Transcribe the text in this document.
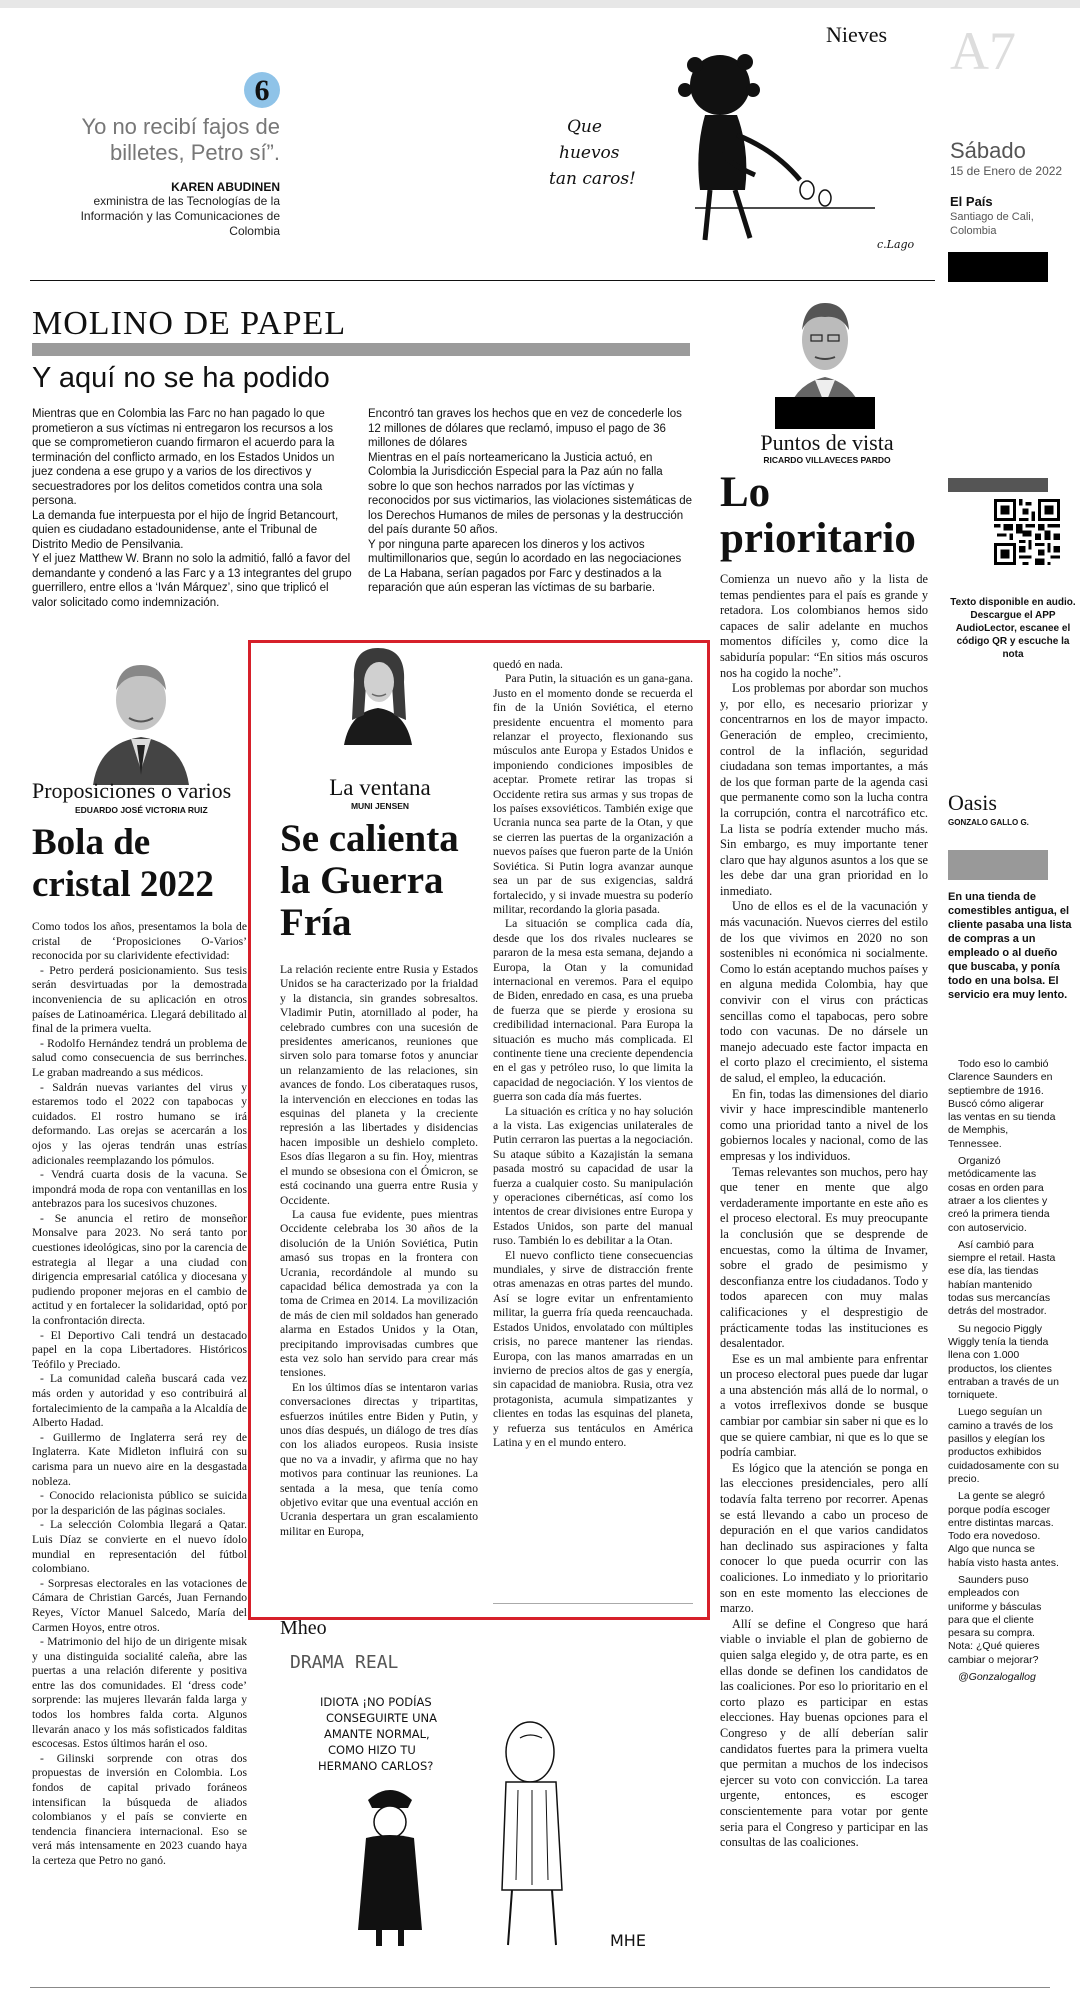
6
Yo no recibí fajos de billetes, Petro sí”.
KAREN ABUDINEN
exministra de las Tecnologías de la Información y las Comunicaciones de Colombia
Nieves
Que
huevos
tan caros!
c.Lago
A7
Sábado
15 de Enero de 2022
El País
Santiago de Cali, Colombia
MOLINO DE PAPEL
Y aquí no se ha podido

Mientras que en Colombia las Farc no han pagado lo que prometieron a sus víctimas ni entregaron los recursos a los que se comprometieron cuando firmaron el acuerdo para la terminación del conflicto armado, en los Estados Unidos un juez condena a ese grupo y a varios de los directivos y secuestradores por los delitos cometidos contra una sola persona.

La demanda fue interpuesta por el hijo de Íngrid Betancourt, quien es ciudadano estadounidense, ante el Tribunal de Distrito Medio de Pensilvania.

Y el juez Matthew W. Brann no solo la admitió, falló a favor del demandante y condenó a las Farc y a 13 integrantes del grupo guerrillero, entre ellos a ‘Iván Márquez’, sino que triplicó el valor solicitado como indemnización.

Encontró tan graves los hechos que en vez de concederle los 12 millones de dólares que reclamó, impuso el pago de 36 millones de dólares

Mientras en el país norteamericano la Justicia actuó, en Colombia la Jurisdicción Especial para la Paz aún no falla sobre lo que son hechos narrados por las víctimas y reconocidos por sus victimarios, las violaciones sistemáticas de los Derechos Humanos de miles de personas y la destrucción del país durante 50 años.

Y por ninguna parte aparecen los dineros y los activos multimillonarios que, según lo acordado en las negociaciones de La Habana, serían pagados por Farc y destinados a la reparación que aún esperan las víctimas de su barbarie.

Puntos de vista
RICARDO VILLAVECES PARDO
Lo prioritario

Comienza un nuevo año y la lista de temas pendientes para el país es grande y retadora. Los colombianos hemos sido capaces de salir adelante en muchos momentos difíciles y, como dice la sabiduría popular: “En sitios más oscuros nos ha cogido la noche”.

Los problemas por abordar son muchos y, por ello, es necesario priorizar y concentrarnos en los de mayor impacto. Generación de empleo, crecimiento, control de la inflación, seguridad ciudadana son temas importantes, a más de los que forman parte de la agenda casi que permanente como son la lucha contra la corrupción, contra el narcotráfico etc. La lista se podría extender mucho más. Sin embargo, es muy importante tener claro que hay algunos asuntos a los que se les debe dar una gran prioridad en lo inmediato.

Uno de ellos es el de la vacunación y más vacunación. Nuevos cierres del estilo de los que vivimos en 2020 no son sostenibles ni económica ni socialmente. Como lo están aceptando muchos países y en alguna medida Colombia, hay que convivir con el virus con prácticas sencillas como el tapabocas, pero sobre todo con vacunas. De no dársele un manejo adecuado este factor impacta en el corto plazo el crecimiento, el sistema de salud, el empleo, la educación.

En fin, todas las dimensiones del diario vivir y hace imprescindible mantenerlo como una prioridad tanto a nivel de los gobiernos locales y nacional, como de las empresas y los individuos.

Temas relevantes son muchos, pero hay que tener en mente que algo verdaderamente importante en este año es el proceso electoral. Es muy preocupante la conclusión que se desprende de encuestas, como la última de Invamer, sobre el grado de pesimismo y desconfianza entre los ciudadanos. Todo y todos aparecen con muy malas calificaciones y el desprestigio de prácticamente todas las instituciones es desalentador.

Ese es un mal ambiente para enfrentar un proceso electoral pues puede dar lugar a una abstención más allá de lo normal, o a votos irreflexivos donde se busque cambiar por cambiar sin saber ni que es lo que se quiere cambiar, ni que es lo que se podría cambiar.

Es lógico que la atención se ponga en las elecciones presidenciales, pero allí todavía falta terreno por recorrer. Apenas se está llevando a cabo un proceso de depuración en el que varios candidatos han declinado sus aspiraciones y falta conocer lo que pueda ocurrir con las coaliciones. Lo inmediato y lo prioritario son en este momento las elecciones de marzo.

Allí se define el Congreso que hará viable o inviable el plan de gobierno de quien salga elegido y, de otra parte, es en ellas donde se definen los candidatos de las coaliciones. Por eso lo prioritario en el corto plazo es participar en estas elecciones. Hay buenas opciones para el Congreso y de allí deberían salir candidatos fuertes para la primera vuelta que permitan a muchos de los indecisos ejercer su voto con convicción. La tarea urgente, entonces, es escoger conscientemente para votar por gente seria para el Congreso y participar en las consultas de las coaliciones.

Texto disponible en audio. Descargue el APP AudioLector, escanee el código QR y escuche la nota
Oasis
GONZALO GALLO G.
En una tienda de comestibles antigua, el cliente pasaba una lista de compras a un empleado o al dueño que buscaba, y ponía todo en una bolsa. El servicio era muy lento.

Todo eso lo cambió Clarence Saunders en septiembre de 1916. Buscó cómo aligerar las ventas en su tienda de Memphis, Tennessee.

Organizó metódicamente las cosas en orden para atraer a los clientes y creó la primera tienda con autoservicio.

Así cambió para siempre el retail. Hasta ese día, las tiendas habían mantenido todas sus mercancías detrás del mostrador.

Su negocio Piggly Wiggly tenía la tienda llena con 1.000 productos, los clientes entraban a través de un torniquete.

Luego seguían un camino a través de los pasillos y elegían los productos exhibidos cuidadosamente con su precio.

La gente se alegró porque podía escoger entre distintas marcas. Todo era novedoso. Algo que nunca se había visto hasta antes.

Saunders puso empleados con uniforme y básculas para que el cliente pesara su compra. Nota: ¿Qué quieres cambiar o mejorar?

@Gonzalogallog

Proposiciones o varios
EDUARDO JOSÉ VICTORIA RUIZ
Bola de cristal 2022

Como todos los años, presentamos la bola de cristal de ‘Proposiciones O-Varios’ reconocida por su clarividente efectividad:

- Petro perderá posicionamiento. Sus tesis serán desvirtuadas por la demostrada inconveniencia de su aplicación en otros países de Latinoamérica. Llegará debilitado al final de la primera vuelta.

- Rodolfo Hernández tendrá un problema de salud como consecuencia de sus berrinches. Le graban madreando a sus médicos.

- Saldrán nuevas variantes del virus y estaremos todo el 2022 con tapabocas y cuidados. El rostro humano se irá deformando. Las orejas se acercarán a los ojos y las ojeras tendrán unas estrías adicionales reemplazando los pómulos.

- Vendrá cuarta dosis de la vacuna. Se impondrá moda de ropa con ventanillas en los antebrazos para los sucesivos chuzones.

- Se anuncia el retiro de monseñor Monsalve para 2023. No será tanto por cuestiones ideológicas, sino por la carencia de estrategia al llegar a una ciudad con dirigencia empresarial católica y diocesana y pudiendo proponer mejoras en el cambio de actitud y en fortalecer la solidaridad, optó por la confrontación directa.

- El Deportivo Cali tendrá un destacado papel en la copa Libertadores. Históricos Teófilo y Preciado.

- La comunidad caleña buscará cada vez más orden y autoridad y eso contribuirá al fortalecimiento de la campaña a la Alcaldía de Alberto Hadad.

- Guillermo de Inglaterra será rey de Inglaterra. Kate Midleton influirá con su carisma para un nuevo aire en la desgastada nobleza.

- Conocido relacionista público se suicida por la desparición de las páginas sociales.

- La selección Colombia llegará a Qatar. Luis Díaz se convierte en el nuevo ídolo mundial en representación del fútbol colombiano.

- Sorpresas electorales en las votaciones de Cámara de Christian Garcés, Juan Fernando Reyes, Víctor Manuel Salcedo, María del Carmen Hoyos, entre otros.

- Matrimonio del hijo de un dirigente misak y una distinguida socialité caleña, abre las puertas a una relación diferente y positiva entre las dos comunidades. El ‘dress code’ sorprende: las mujeres llevarán falda larga y todos los hombres falda corta. Algunos llevarán anaco y los más sofisticados falditas escocesas. Estos últimos harán el oso.

- Gilinski sorprende con otras dos propuestas de inversión en Colombia. Los fondos de capital privado foráneos intensifican la búsqueda de aliados colombianos y el país se convierte en tendencia financiera internacional. Eso se verá más intensamente en 2023 cuando haya la certeza que Petro no ganó.

La ventana
MUNI JENSEN
Se calienta la Guerra Fría

La relación reciente entre Rusia y Estados Unidos se ha caracterizado por la frialdad y la distancia, sin grandes sobresaltos. Vladimir Putin, atornillado al poder, ha celebrado cumbres con una sucesión de presidentes americanos, reuniones que sirven solo para tomarse fotos y anunciar un relanzamiento de las relaciones, sin avances de fondo. Los ciberataques rusos, la intervención en elecciones en todas las esquinas del planeta y la creciente represión a las libertades y disidencias hacen imposible un deshielo completo. Esos días llegaron a su fin. Hoy, mientras el mundo se obsesiona con el Ómicron, se está cocinando una guerra entre Rusia y Occidente.

La causa fue evidente, pues mientras Occidente celebraba los 30 años de la disolución de la Unión Soviética, Putin amasó sus tropas en la frontera con Ucrania, recordándole al mundo su capacidad bélica demostrada ya con la toma de Crimea en 2014. La movilización de más de cien mil soldados han generado alarma en Estados Unidos y la Otan, precipitando improvisadas cumbres que esta vez solo han servido para crear más tensiones.

En los últimos días se intentaron varias conversaciones directas y tripartitas, esfuerzos inútiles entre Biden y Putin, y unos días después, un diálogo de tres días con los aliados europeos. Rusia insiste que no va a invadir, y afirma que no hay motivos para continuar las reuniones. La sentada a la mesa, que tenía como objetivo evitar que una eventual acción en Ucrania despertara un gran escalamiento militar en Europa,

quedó en nada.

Para Putin, la situación es un gana-gana. Justo en el momento donde se recuerda el fin de la Unión Soviética, el eterno presidente encuentra el momento para relanzar el proyecto, flexionando sus músculos ante Europa y Estados Unidos e imponiendo condiciones imposibles de aceptar. Promete retirar las tropas si Occidente retira sus armas y sus tropas de los países exsoviéticos. También exige que Ucrania nunca sea parte de la Otan, y que se cierren las puertas de la organización a nuevos países que fueron parte de la Unión Soviética. Si Putin logra avanzar aunque sea un par de sus exigencias, saldrá fortalecido, y si invade muestra su poderío militar, recordando la gloria pasada.

La situación se complica cada día, desde que los dos rivales nucleares se pararon de la mesa esta semana, dejando a Europa, la Otan y la comunidad internacional en veremos. Para el equipo de Biden, enredado en casa, es una prueba de fuerza que se pierde y erosiona su credibilidad internacional. Para Europa la situación es mucho más complicada. El continente tiene una creciente dependencia en el gas y petróleo ruso, lo que limita la capacidad de negociación. Y los vientos de guerra son cada día más fuertes.

La situación es crítica y no hay solución a la vista. Las exigencias unilaterales de Putin cerraron las puertas a la negociación. Su ataque súbito a Kazajistán la semana pasada mostró su capacidad de usar la fuerza a cualquier costo. Su manipulación y operaciones cibernéticas, así como los intentos de crear divisiones entre Europa y Estados Unidos, son parte del manual ruso. También lo es debilitar a la Otan.

El nuevo conflicto tiene consecuencias mundiales, y sirve de distracción frente otras amenazas en otras partes del mundo. Así se logre evitar un enfrentamiento militar, la guerra fría queda reencauchada. Estados Unidos, envolatado con múltiples crisis, no parece mantener las riendas. Europa, con las manos amarradas en un invierno de precios altos de gas y energía, sin capacidad de maniobra. Rusia, otra vez protagonista, acumula simpatizantes y clientes en todas las esquinas del planeta, y refuerza sus tentáculos en América Latina y en el mundo entero.

Mheo
DRAMA REAL
IDIOTA ¡NO PODÍAS
CONSEGUIRTE UNA
AMANTE NORMAL,
COMO HIZO TU
HERMANO CARLOS?
MHE
